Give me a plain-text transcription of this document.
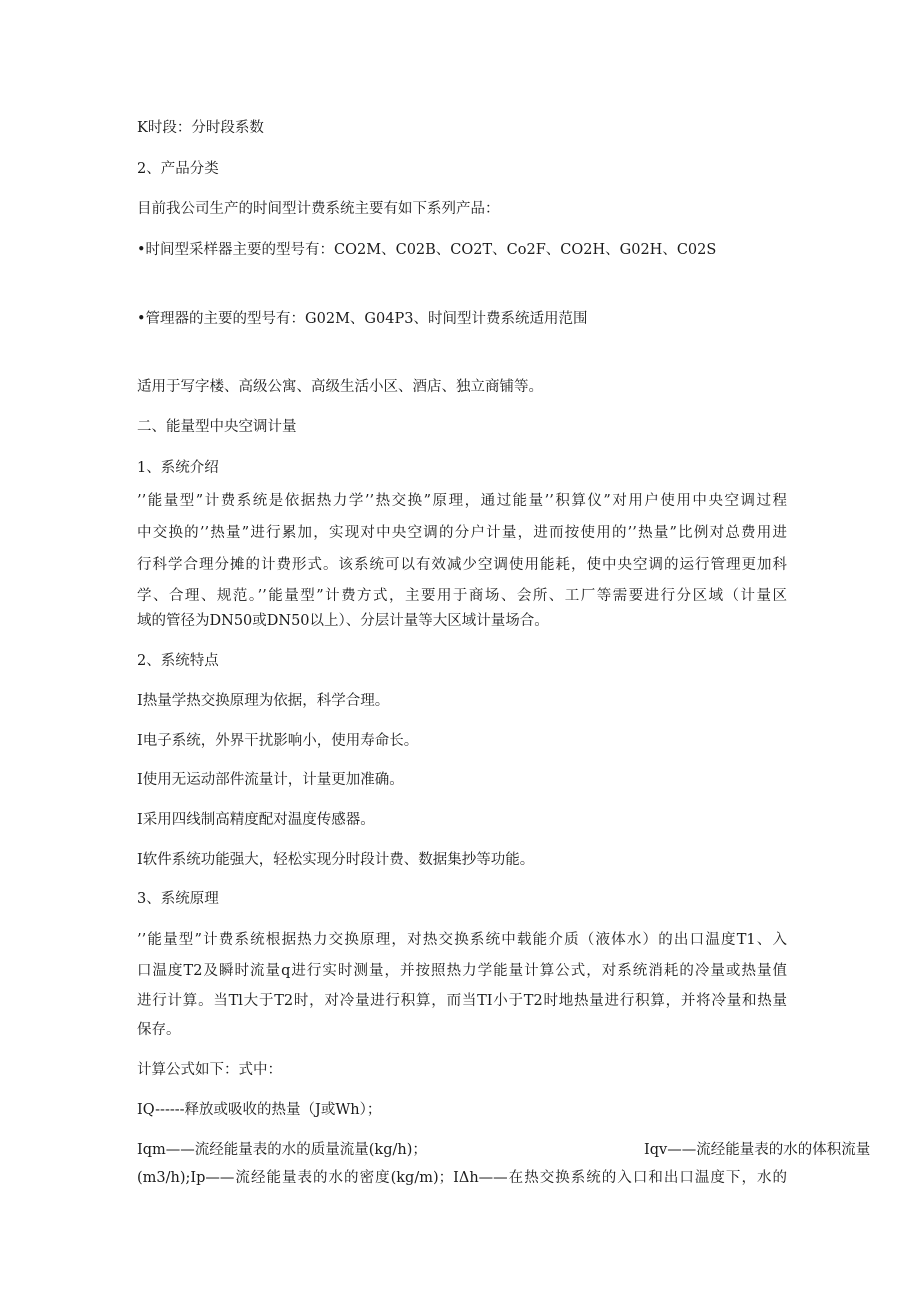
K时段：分时段系数
2、产品分类
目前我公司生产的时间型计费系统主要有如下系列产品：
•时间型采样器主要的型号有：CO2M、C02B、CO2T、Co2F、CO2H、G02H、C02S
•管理器的主要的型号有：G02M、G04P3、时间型计费系统适用范围
适用于写字楼、高级公寓、高级生活小区、酒店、独立商铺等。
二、能量型中央空调计量
1、系统介绍
’’能量型”计费系统是依据热力学’’热交换”原理，通过能量’’积算仪”对用户使用中央空调过程
中交换的’’热量”进行累加，实现对中央空调的分户计量，进而按使用的’’热量”比例对总费用进
行科学合理分摊的计费形式。该系统可以有效减少空调使用能耗，使中央空调的运行管理更加科
学、合理、规范。’’能量型”计费方式，主要用于商场、会所、工厂等需要进行分区域（计量区
域的管径为DN50或DN50以上）、分层计量等大区域计量场合。
2、系统特点
I热量学热交换原理为依据，科学合理。
I电子系统，外界干扰影响小，使用寿命长。
I使用无运动部件流量计，计量更加准确。
I采用四线制高精度配对温度传感器。
I软件系统功能强大，轻松实现分时段计费、数据集抄等功能。
3、系统原理
’’能量型”计费系统根据热力交换原理，对热交换系统中载能介质（液体水）的出口温度T1、入
口温度T2及瞬时流量q进行实时测量，并按照热力学能量计算公式，对系统消耗的冷量或热量值
进行计算。当Tl大于T2时，对冷量进行积算，而当TI小于T2时地热量进行积算，并将冷量和热量
保存。
计算公式如下：式中：
IQ------释放或吸收的热量（J或Wh）；
Iqm——流经能量表的水的质量流量(kg/h)；	Iqv——流经能量表的水的体积流量
(m3/h);Ip——流经能量表的水的密度(kg/m)；IΔh——在热交换系统的入口和出口温度下，水的
